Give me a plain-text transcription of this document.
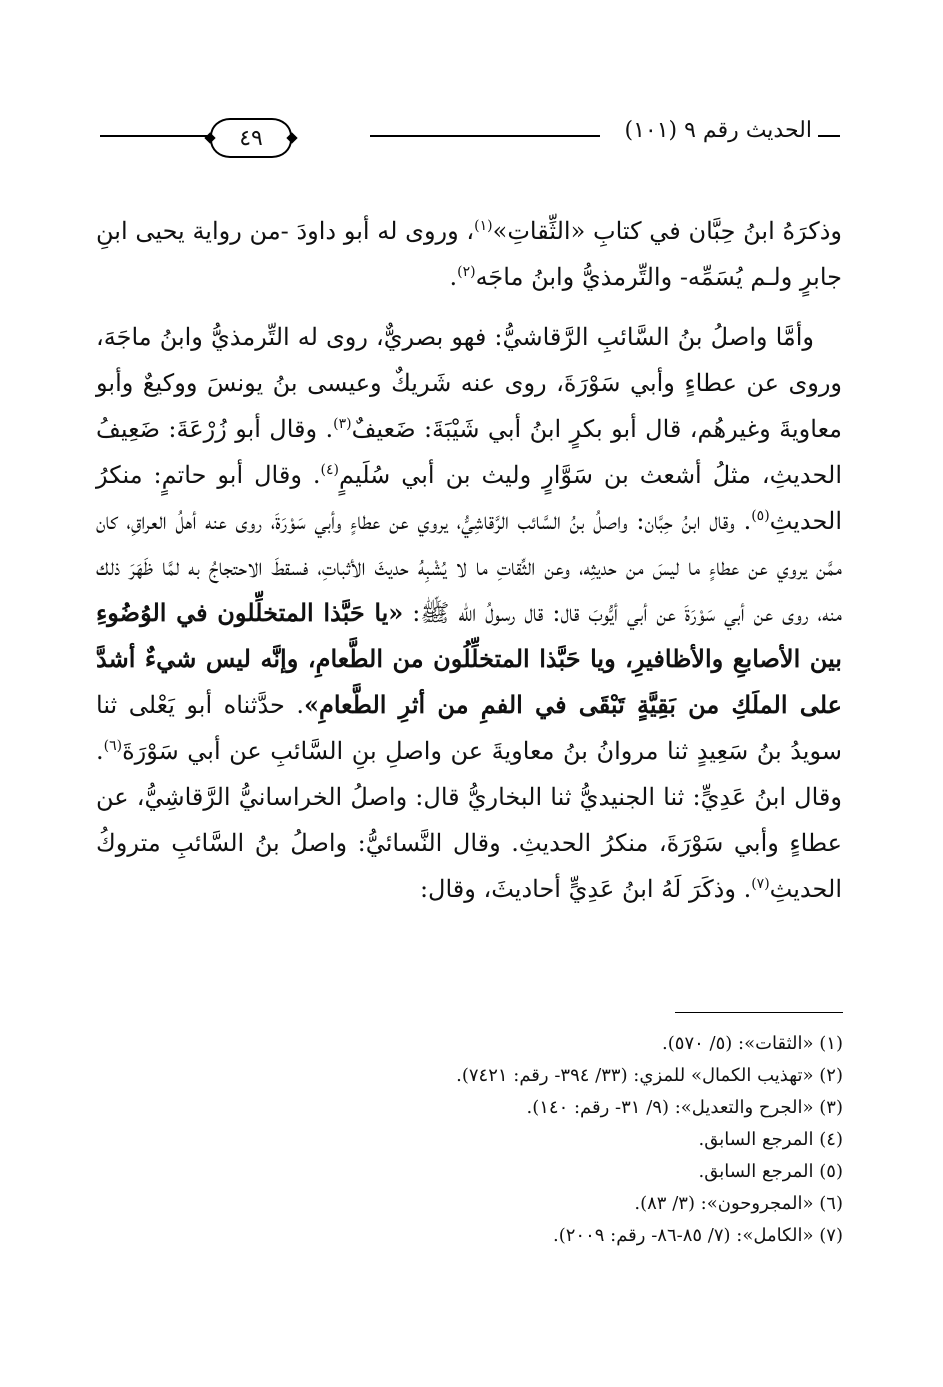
الحديث رقم ٩ (١٠١)
٤٩

وذكرَهُ ابنُ حِبَّان في كتابِ «الثِّقاتِ»$^{(١)}$، وروى له أبو داودَ -من رواية يحيى ابنِ جابرٍ ولـم يُسَمِّه- والتِّرمذيُّ وابنُ ماجَه$^{(٢)}$.

وأمَّا واصلُ بنُ السَّائبِ الرَّقاشيُّ: فهو بصريٌّ، روى له التِّرمذيُّ وابنُ ماجَهَ، وروى عن عطاءٍ وأبي سَوْرَةَ، روى عنه شَريكٌ وعيسى بنُ يونسَ ووكيعٌ وأبو معاويةَ وغيرهُم، قال أبو بكرٍ ابنُ أبي شَيْبَةَ: ضَعيفٌ$^{(٣)}$. وقال أبو زُرْعَةَ: ضَعِيفُ الحديثِ، مثلُ أشعث بن سَوَّارٍ وليث بن أبي سُلَيمٍ$^{(٤)}$. وقال أبو حاتمٍ: منكرُ الحديثِ$^{(٥)}$. وقال ابنُ حِبَّان: واصلُ بنُ السَّائب الرَّقاشِيُّ، يروي عن عطاءٍ وأبي سَوْرَةَ، روى عنه أهلُ العراقِ، كان ممَّن يروي عن عطاءٍ ما ليسَ من حديثِه، وعن الثِّقاتِ ما لا يُشْبِهُ حديثَ الأثباتِ، فسقطَ الاحتجاجُ به لمَّا ظَهَرَ ذلك منه، روى عن أبي سَوْرَةَ عن أبي أيُّوبَ قال: قال رسولُ الله ﷺ: «يا حَبَّذا المتخلِّلون في الوُضُوءِ بين الأصابعِ والأظافيرِ، ويا حَبَّذا المتخلِّلُون من الطَّعامِ، وإنَّه ليس شيءٌ أشدَّ على الملَكِ من بَقِيَّةٍ تَبْقَى في الفمِ من أثرِ الطَّعامِ». حدَّثناه أبو يَعْلى ثنا سويدُ بنُ سَعِيدٍ ثنا مروانُ بنُ معاويةَ عن واصلِ بنِ السَّائبِ عن أبي سَوْرَةَ$^{(٦)}$. وقال ابنُ عَدِيٍّ: ثنا الجنيديُّ ثنا البخاريُّ قال: واصلُ الخراسانيُّ الرَّقاشِيُّ، عن عطاءٍ وأبي سَوْرَةَ، منكرُ الحديثِ. وقال النَّسائيُّ: واصلُ بنُ السَّائبِ متروكُ الحديثِ$^{(٧)}$. وذكَرَ لَهُ ابنُ عَدِيٍّ أحاديثَ، وقال:

(١) «الثقات»: (٥/ ٥٧٠).
(٢) «تهذيب الكمال» للمزي: (٣٣/ ٣٩٤- رقم: ٧٤٢١).
(٣) «الجرح والتعديل»: (٩/ ٣١- رقم: ١٤٠).
(٤) المرجع السابق.
(٥) المرجع السابق.
(٦) «المجروحون»: (٣/ ٨٣).
(٧) «الكامل»: (٧/ ٨٥-٨٦- رقم: ٢٠٠٩).
